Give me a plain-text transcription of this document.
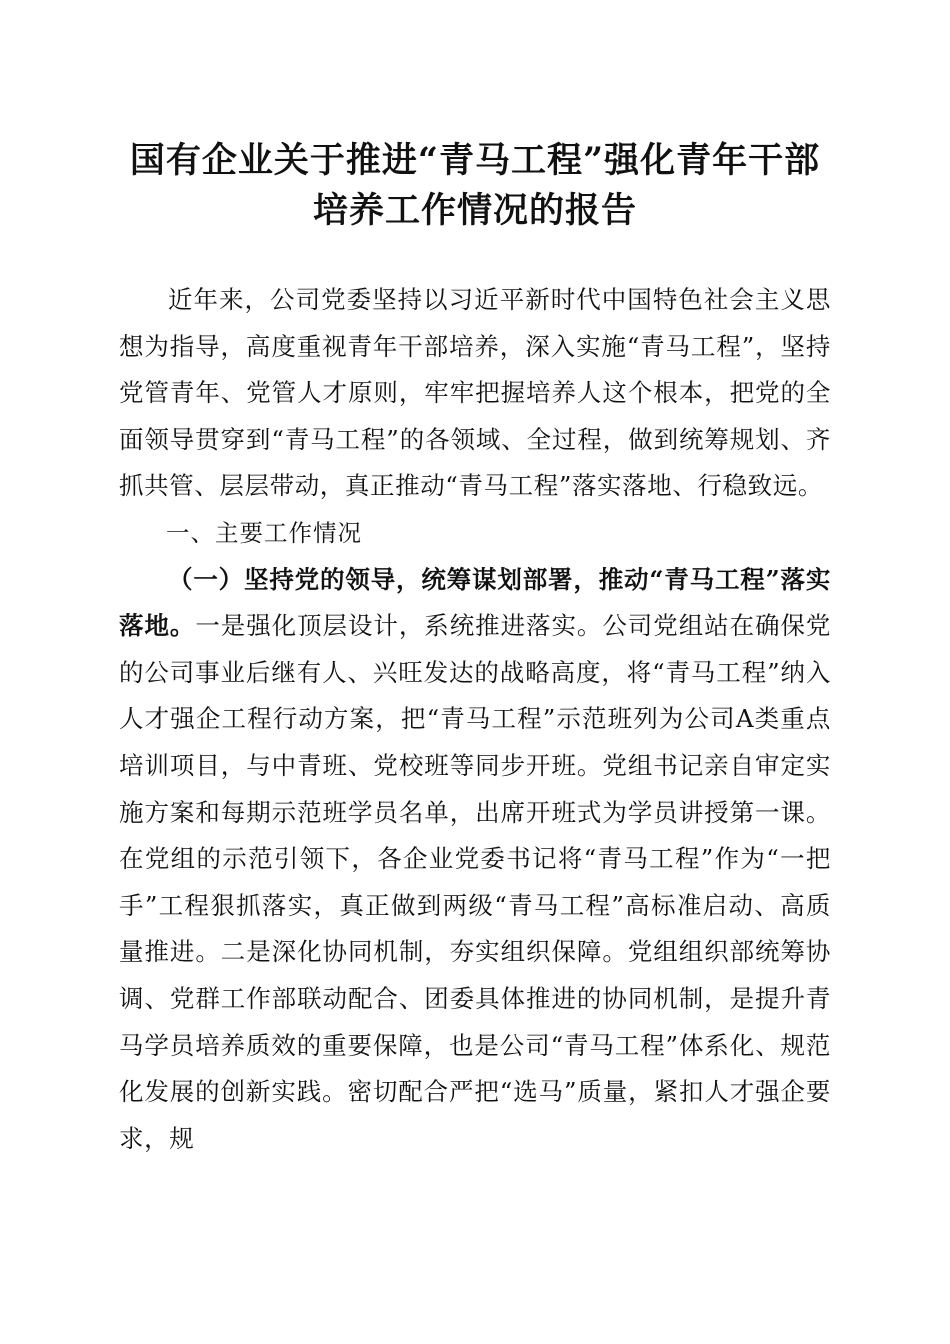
国有企业关于推进“青马工程”强化青年干部
培养工作情况的报告

近年来，公司党委坚持以习近平新时代中国特色社会主义思想为指导，高度重视青年干部培养，深入实施“青马工程”，坚持党管青年、党管人才原则，牢牢把握培养人这个根本，把党的全面领导贯穿到“青马工程”的各领域、全过程，做到统筹规划、齐抓共管、层层带动，真正推动“青马工程”落实落地、行稳致远。

一、主要工作情况

（一）坚持党的领导，统筹谋划部署，推动“青马工程”落实落地。一是强化顶层设计，系统推进落实。公司党组站在确保党的公司事业后继有人、兴旺发达的战略高度，将“青马工程”纳入人才强企工程行动方案，把“青马工程”示范班列为公司A类重点培训项目，与中青班、党校班等同步开班。党组书记亲自审定实施方案和每期示范班学员名单，出席开班式为学员讲授第一课。在党组的示范引领下，各企业党委书记将“青马工程”作为“一把手”工程狠抓落实，真正做到两级“青马工程”高标准启动、高质量推进。二是深化协同机制，夯实组织保障。党组组织部统筹协调、党群工作部联动配合、团委具体推进的协同机制，是提升青马学员培养质效的重要保障，也是公司“青马工程”体系化、规范化发展的创新实践。密切配合严把“选马”质量，紧扣人才强企要求，规
